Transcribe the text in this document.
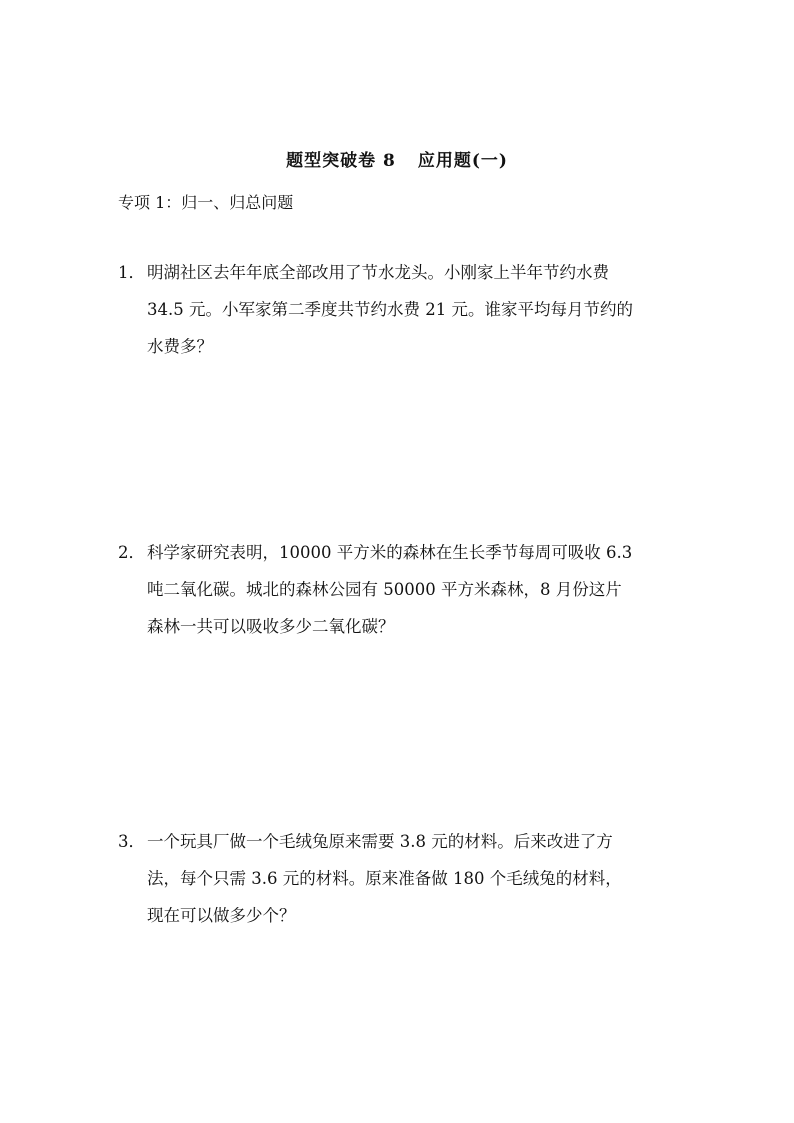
题型突破卷 8 应用题(一)
专项 1：归一、归总问题
1． 明湖社区去年年底全部改用了节水龙头。小刚家上半年节约水费
34.5 元。小军家第二季度共节约水费 21 元。谁家平均每月节约的
水费多？
2． 科学家研究表明，10000 平方米的森林在生长季节每周可吸收 6.3
吨二氧化碳。城北的森林公园有 50000 平方米森林，8 月份这片
森林一共可以吸收多少二氧化碳？
3． 一个玩具厂做一个毛绒兔原来需要 3.8 元的材料。后来改进了方
法，每个只需 3.6 元的材料。原来准备做 180 个毛绒兔的材料，
现在可以做多少个？
